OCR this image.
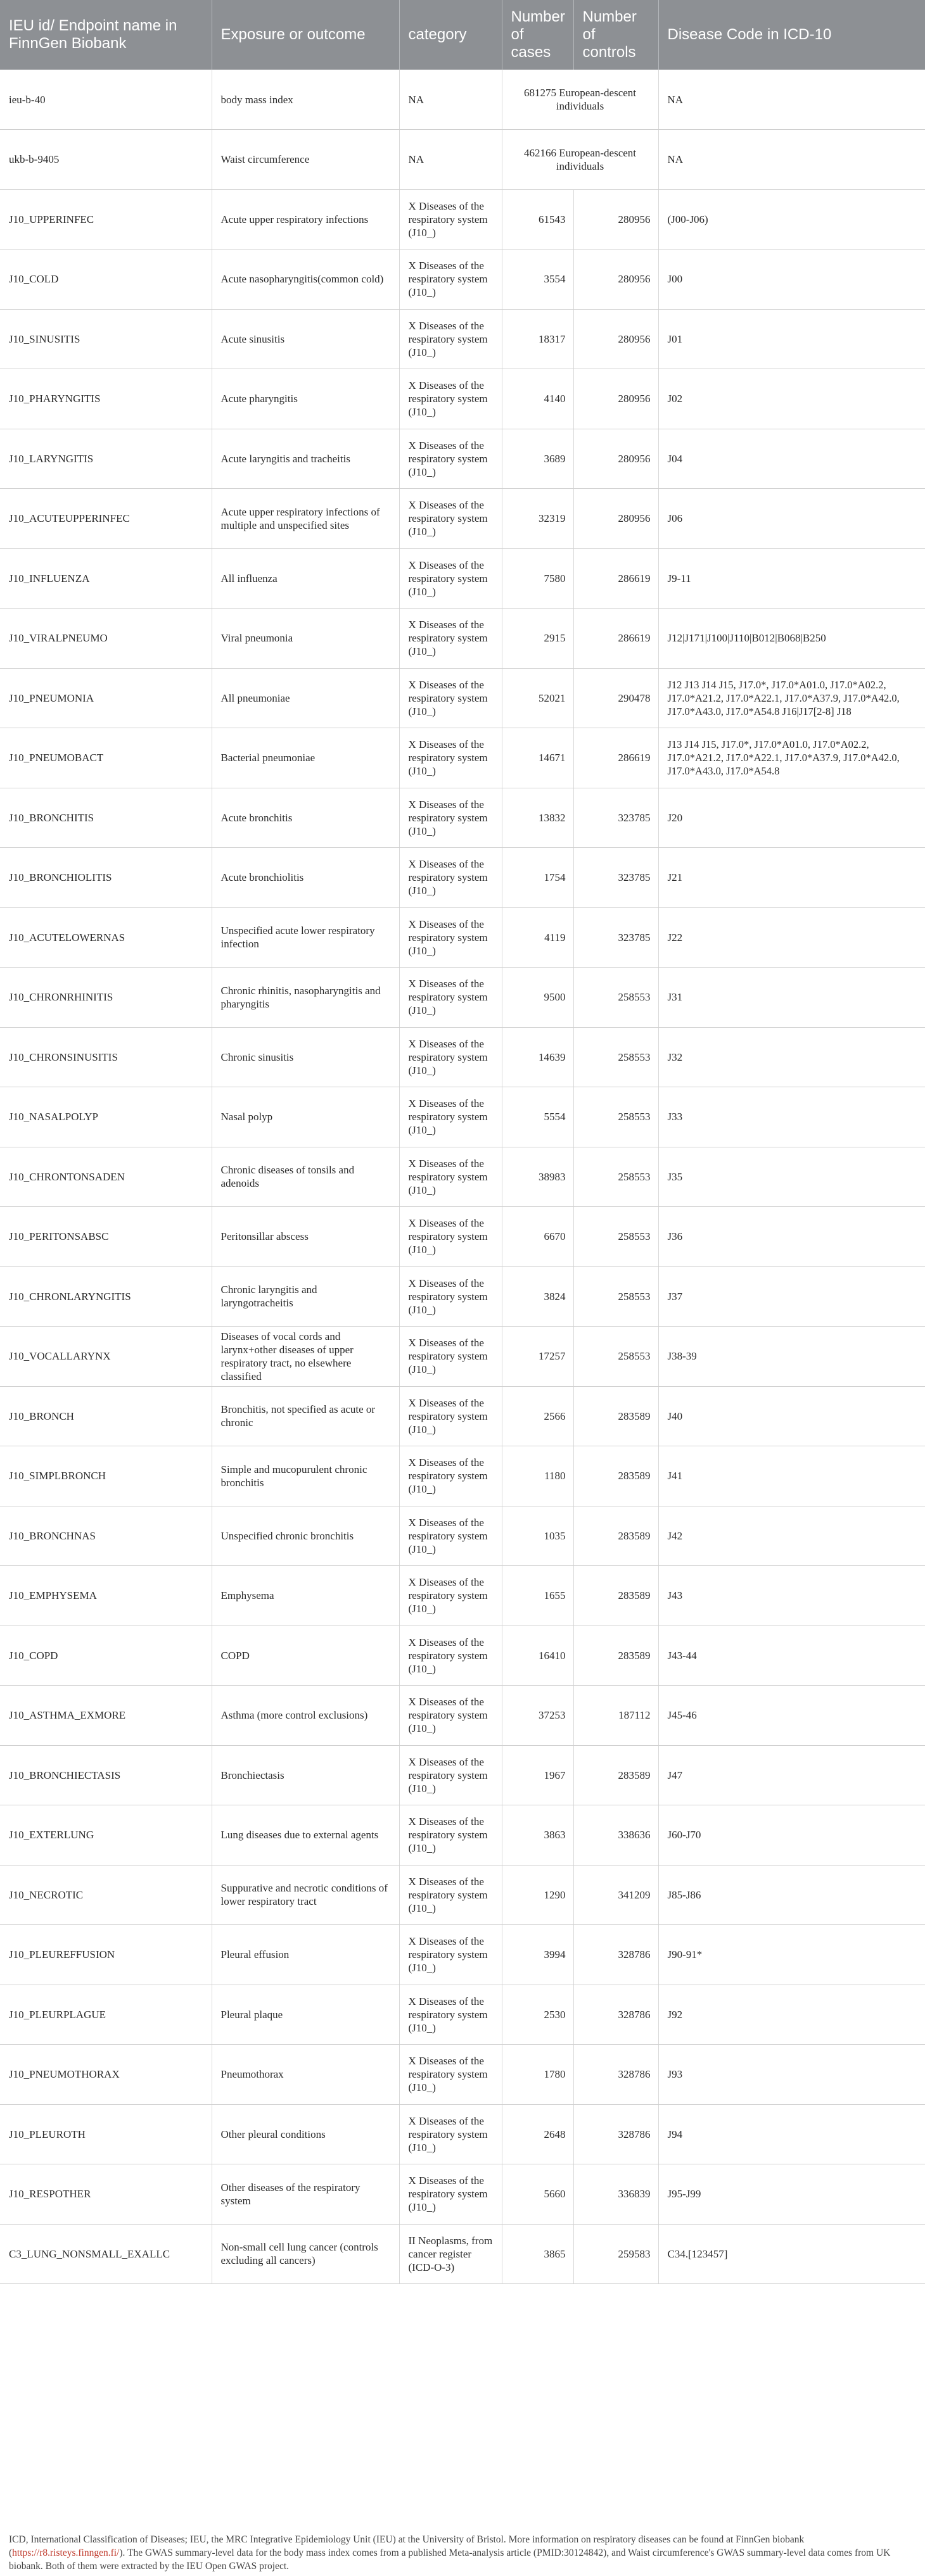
IEU id/ Endpoint name in FinnGen Biobank	Exposure or outcome	category	Number of cases	Number of controls	Disease Code in ICD-10
ieu-b-40	body mass index	NA	681275 European-descent individuals		NA
ukb-b-9405	Waist circumference	NA	462166 European-descent individuals		NA
J10_UPPERINFEC	Acute upper respiratory infections	X Diseases of the respiratory system (J10_)	61543	280956	(J00-J06)
J10_COLD	Acute nasopharyngitis(common cold)	X Diseases of the respiratory system (J10_)	3554	280956	J00
J10_SINUSITIS	Acute sinusitis	X Diseases of the respiratory system (J10_)	18317	280956	J01
J10_PHARYNGITIS	Acute pharyngitis	X Diseases of the respiratory system (J10_)	4140	280956	J02
J10_LARYNGITIS	Acute laryngitis and tracheitis	X Diseases of the respiratory system (J10_)	3689	280956	J04
J10_ACUTEUPPERINFEC	Acute upper respiratory infections of multiple and unspecified sites	X Diseases of the respiratory system (J10_)	32319	280956	J06
J10_INFLUENZA	All influenza	X Diseases of the respiratory system (J10_)	7580	286619	J9-11
J10_VIRALPNEUMO	Viral pneumonia	X Diseases of the respiratory system (J10_)	2915	286619	J12|J171|J100|J110|B012|B068|B250
J10_PNEUMONIA	All pneumoniae	X Diseases of the respiratory system (J10_)	52021	290478	J12 J13 J14 J15, J17.0*, J17.0*A01.0, J17.0*A02.2, J17.0*A21.2, J17.0*A22.1, J17.0*A37.9, J17.0*A42.0, J17.0*A43.0, J17.0*A54.8 J16|J17[2-8] J18
J10_PNEUMOBACT	Bacterial pneumoniae	X Diseases of the respiratory system (J10_)	14671	286619	J13 J14 J15, J17.0*, J17.0*A01.0, J17.0*A02.2, J17.0*A21.2, J17.0*A22.1, J17.0*A37.9, J17.0*A42.0, J17.0*A43.0, J17.0*A54.8
J10_BRONCHITIS	Acute bronchitis	X Diseases of the respiratory system (J10_)	13832	323785	J20
J10_BRONCHIOLITIS	Acute bronchiolitis	X Diseases of the respiratory system (J10_)	1754	323785	J21
J10_ACUTELOWERNAS	Unspecified acute lower respiratory infection	X Diseases of the respiratory system (J10_)	4119	323785	J22
J10_CHRONRHINITIS	Chronic rhinitis, nasopharyngitis and pharyngitis	X Diseases of the respiratory system (J10_)	9500	258553	J31
J10_CHRONSINUSITIS	Chronic sinusitis	X Diseases of the respiratory system (J10_)	14639	258553	J32
J10_NASALPOLYP	Nasal polyp	X Diseases of the respiratory system (J10_)	5554	258553	J33
J10_CHRONTONSADEN	Chronic diseases of tonsils and adenoids	X Diseases of the respiratory system (J10_)	38983	258553	J35
J10_PERITONSABSC	Peritonsillar abscess	X Diseases of the respiratory system (J10_)	6670	258553	J36
J10_CHRONLARYNGITIS	Chronic laryngitis and laryngotracheitis	X Diseases of the respiratory system (J10_)	3824	258553	J37
J10_VOCALLARYNX	Diseases of vocal cords and larynx+other diseases of upper respiratory tract, no elsewhere classified	X Diseases of the respiratory system (J10_)	17257	258553	J38-39
J10_BRONCH	Bronchitis, not specified as acute or chronic	X Diseases of the respiratory system (J10_)	2566	283589	J40
J10_SIMPLBRONCH	Simple and mucopurulent chronic bronchitis	X Diseases of the respiratory system (J10_)	1180	283589	J41
J10_BRONCHNAS	Unspecified chronic bronchitis	X Diseases of the respiratory system (J10_)	1035	283589	J42
J10_EMPHYSEMA	Emphysema	X Diseases of the respiratory system (J10_)	1655	283589	J43
J10_COPD	COPD	X Diseases of the respiratory system (J10_)	16410	283589	J43-44
J10_ASTHMA_EXMORE	Asthma (more control exclusions)	X Diseases of the respiratory system (J10_)	37253	187112	J45-46
J10_BRONCHIECTASIS	Bronchiectasis	X Diseases of the respiratory system (J10_)	1967	283589	J47
J10_EXTERLUNG	Lung diseases due to external agents	X Diseases of the respiratory system (J10_)	3863	338636	J60-J70
J10_NECROTIC	Suppurative and necrotic conditions of lower respiratory tract	X Diseases of the respiratory system (J10_)	1290	341209	J85-J86
J10_PLEUREFFUSION	Pleural effusion	X Diseases of the respiratory system (J10_)	3994	328786	J90-91*
J10_PLEURPLAGUE	Pleural plaque	X Diseases of the respiratory system (J10_)	2530	328786	J92
J10_PNEUMOTHORAX	Pneumothorax	X Diseases of the respiratory system (J10_)	1780	328786	J93
J10_PLEUROTH	Other pleural conditions	X Diseases of the respiratory system (J10_)	2648	328786	J94
J10_RESPOTHER	Other diseases of the respiratory system	X Diseases of the respiratory system (J10_)	5660	336839	J95-J99
C3_LUNG_NONSMALL_EXALLC	Non-small cell lung cancer (controls excluding all cancers)	II Neoplasms, from cancer register (ICD-O-3)	3865	259583	C34.[123457]
ICD, International Classification of Diseases; IEU, the MRC Integrative Epidemiology Unit (IEU) at the University of Bristol. More information on respiratory diseases can be found at FinnGen biobank (https://r8.risteys.finngen.fi/). The GWAS summary-level data for the body mass index comes from a published Meta-analysis article (PMID:30124842), and Waist circumference's GWAS summary-level data comes from UK biobank. Both of them were extracted by the IEU Open GWAS project.
